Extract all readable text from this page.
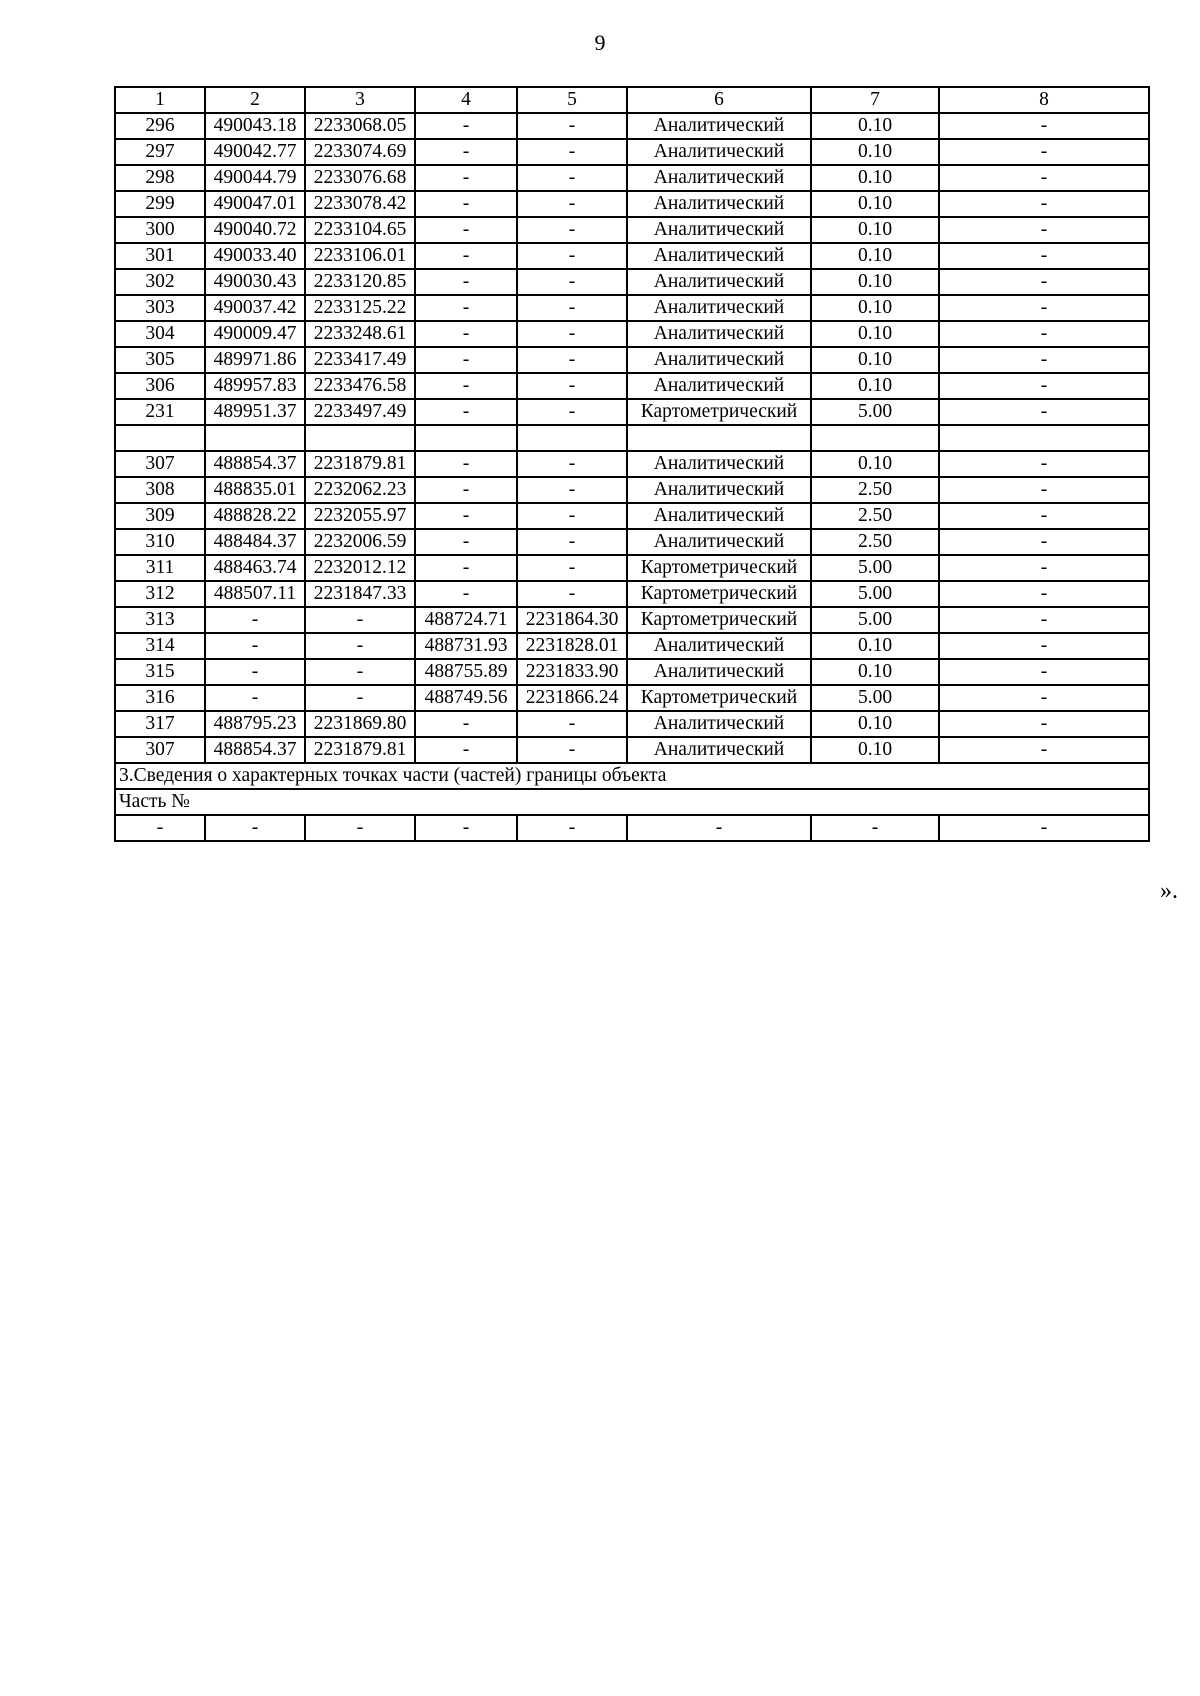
9
1	2	3	4	5	6	7	8
296	490043.18	2233068.05	-	-	Аналитический	0.10	-
297	490042.77	2233074.69	-	-	Аналитический	0.10	-
298	490044.79	2233076.68	-	-	Аналитический	0.10	-
299	490047.01	2233078.42	-	-	Аналитический	0.10	-
300	490040.72	2233104.65	-	-	Аналитический	0.10	-
301	490033.40	2233106.01	-	-	Аналитический	0.10	-
302	490030.43	2233120.85	-	-	Аналитический	0.10	-
303	490037.42	2233125.22	-	-	Аналитический	0.10	-
304	490009.47	2233248.61	-	-	Аналитический	0.10	-
305	489971.86	2233417.49	-	-	Аналитический	0.10	-
306	489957.83	2233476.58	-	-	Аналитический	0.10	-
231	489951.37	2233497.49	-	-	Картометрический	5.00	-

307	488854.37	2231879.81	-	-	Аналитический	0.10	-
308	488835.01	2232062.23	-	-	Аналитический	2.50	-
309	488828.22	2232055.97	-	-	Аналитический	2.50	-
310	488484.37	2232006.59	-	-	Аналитический	2.50	-
311	488463.74	2232012.12	-	-	Картометрический	5.00	-
312	488507.11	2231847.33	-	-	Картометрический	5.00	-
313	-	-	488724.71	2231864.30	Картометрический	5.00	-
314	-	-	488731.93	2231828.01	Аналитический	0.10	-
315	-	-	488755.89	2231833.90	Аналитический	0.10	-
316	-	-	488749.56	2231866.24	Картометрический	5.00	-
317	488795.23	2231869.80	-	-	Аналитический	0.10	-
307	488854.37	2231879.81	-	-	Аналитический	0.10	-
3.Сведения о характерных точках части (частей) границы объекта							
Часть №							
-	-	-	-	-	-	-	-
».
